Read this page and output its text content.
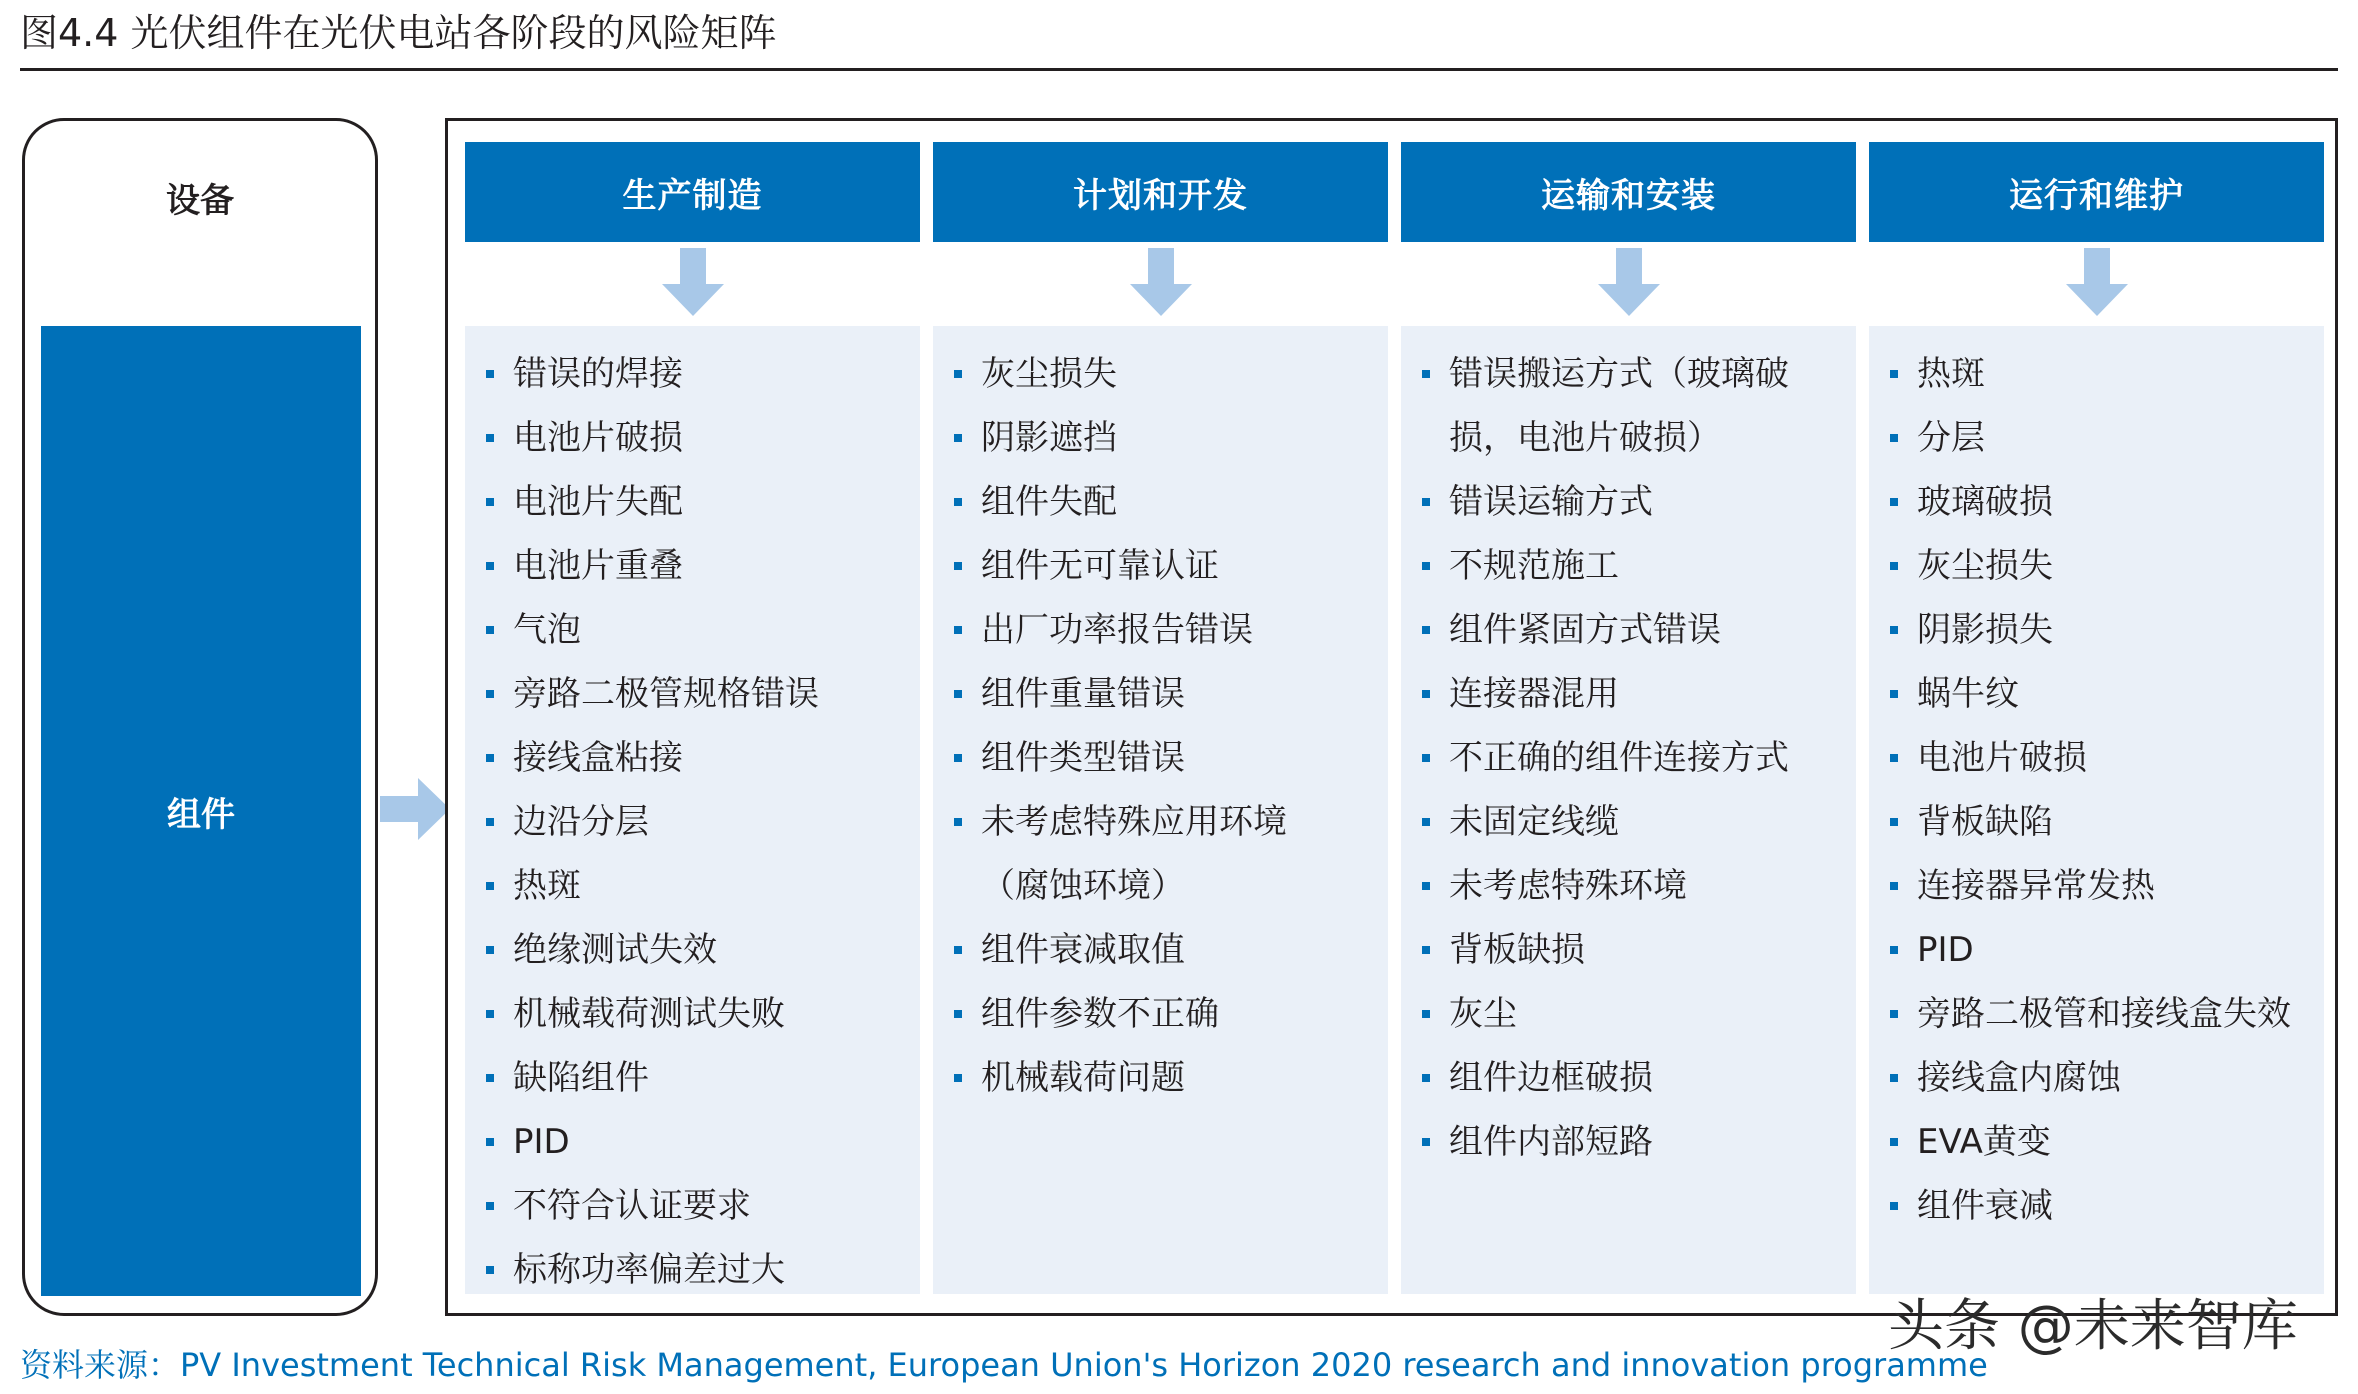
图4.4 光伏组件在光伏电站各阶段的风险矩阵
设备
组件
生产制造
错误的焊接
电池片破损
电池片失配
电池片重叠
气泡
旁路二极管规格错误
接线盒粘接
边沿分层
热斑
绝缘测试失效
机械载荷测试失败
缺陷组件
PID
不符合认证要求
标称功率偏差过大
计划和开发
灰尘损失
阴影遮挡
组件失配
组件无可靠认证
出厂功率报告错误
组件重量错误
组件类型错误
未考虑特殊应用环境
（腐蚀环境）
组件衰减取值
组件参数不正确
机械载荷问题
运输和安装
错误搬运方式（玻璃破
损，电池片破损）
错误运输方式
不规范施工
组件紧固方式错误
连接器混用
不正确的组件连接方式
未固定线缆
未考虑特殊环境
背板缺损
灰尘
组件边框破损
组件内部短路
运行和维护
热斑
分层
玻璃破损
灰尘损失
阴影损失
蜗牛纹
电池片破损
背板缺陷
连接器异常发热
PID
旁路二极管和接线盒失效
接线盒内腐蚀
EVA黄变
组件衰减
资料来源：PV Investment Technical Risk Management, European Union's Horizon 2020 research and innovation programme
头条 @未来智库
